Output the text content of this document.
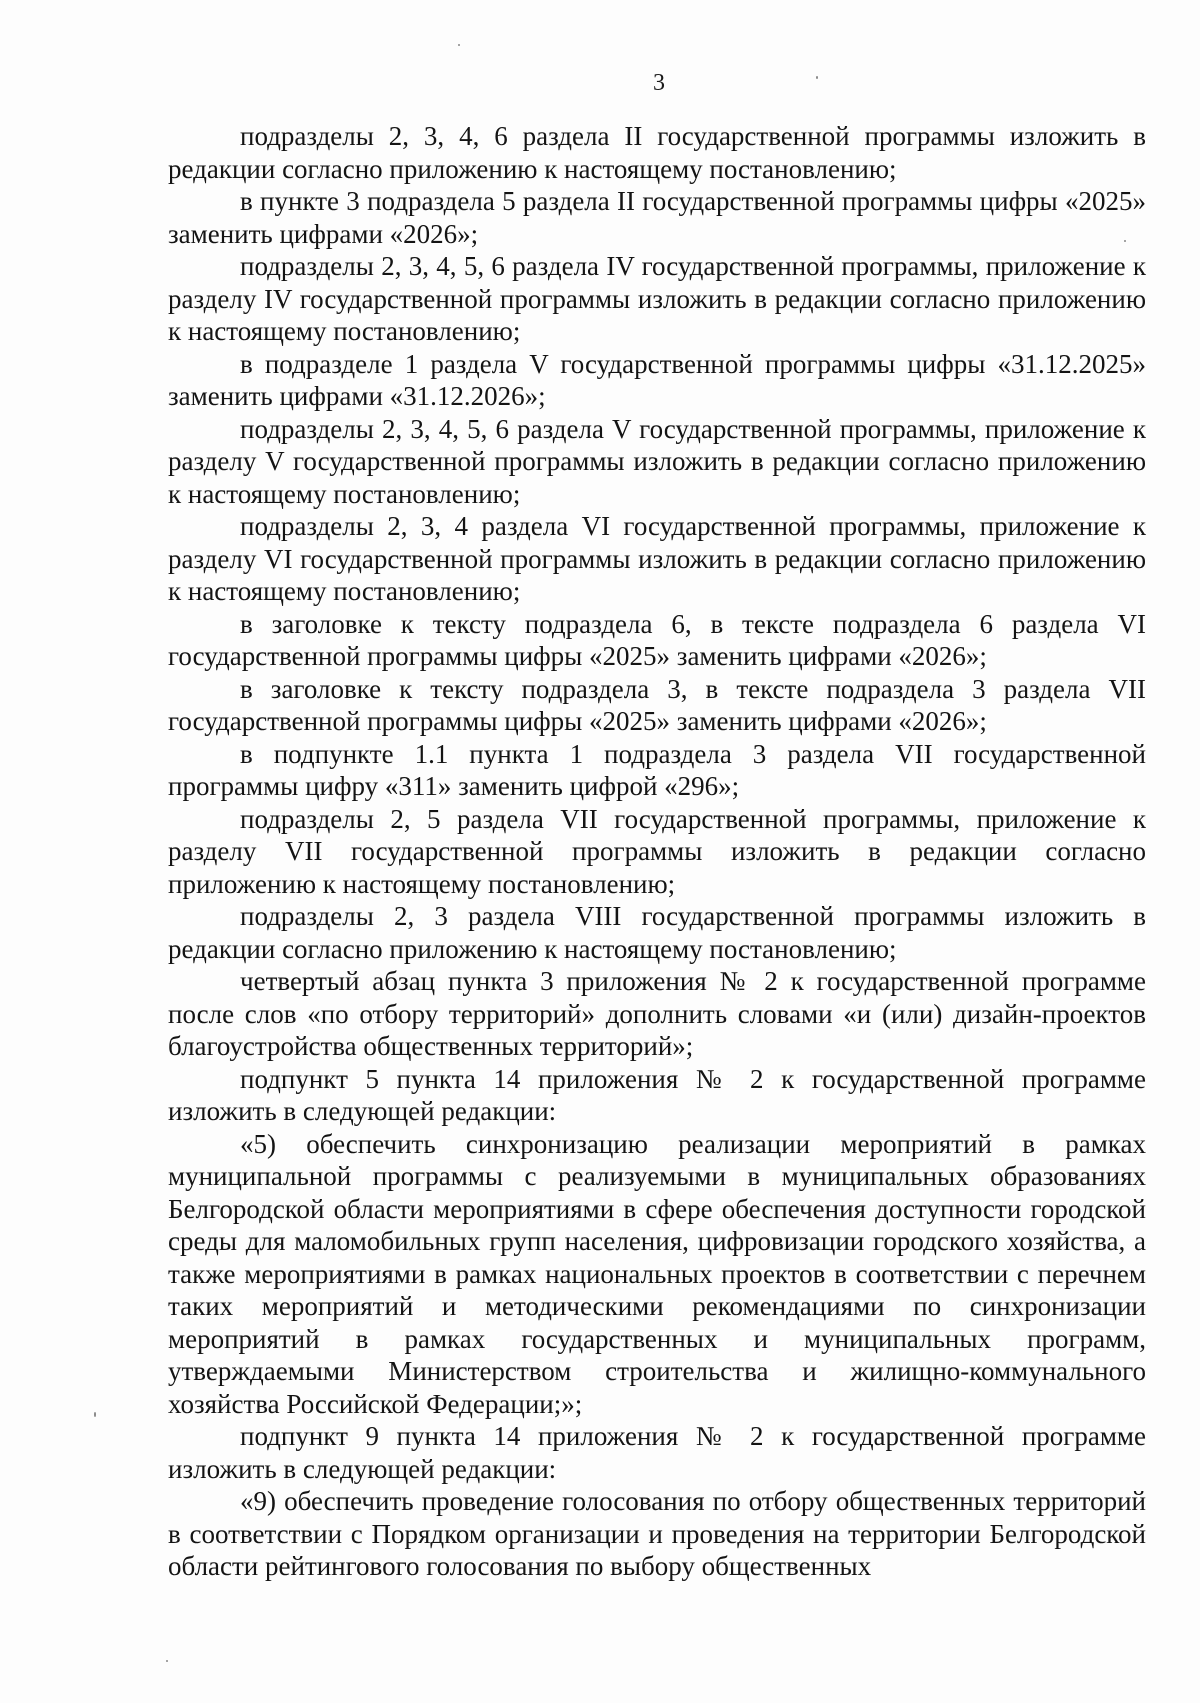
3

подразделы 2, 3, 4, 6 раздела II государственной программы изложить в редакции согласно приложению к настоящему постановлению;

в пункте 3 подраздела 5 раздела II государственной программы цифры «2025» заменить цифрами «2026»;

подразделы 2, 3, 4, 5, 6 раздела IV государственной программы, приложение к разделу IV государственной программы изложить в редакции согласно приложению к настоящему постановлению;

в подразделе 1 раздела V государственной программы цифры «31.12.2025» заменить цифрами «31.12.2026»;

подразделы 2, 3, 4, 5, 6 раздела V государственной программы, приложение к разделу V государственной программы изложить в редакции согласно приложению к настоящему постановлению;

подразделы 2, 3, 4 раздела VI государственной программы, приложение к разделу VI государственной программы изложить в редакции согласно приложению к настоящему постановлению;

в заголовке к тексту подраздела 6, в тексте подраздела 6 раздела VI государственной программы цифры «2025» заменить цифрами «2026»;

в заголовке к тексту подраздела 3, в тексте подраздела 3 раздела VII государственной программы цифры «2025» заменить цифрами «2026»;

в подпункте 1.1 пункта 1 подраздела 3 раздела VII государственной программы цифру «311» заменить цифрой «296»;

подразделы 2, 5 раздела VII государственной программы, приложение к разделу VII государственной программы изложить в редакции согласно приложению к настоящему постановлению;

подразделы 2, 3 раздела VIII государственной программы изложить в редакции согласно приложению к настоящему постановлению;

четвертый абзац пункта 3 приложения № 2 к государственной программе после слов «по отбору территорий» дополнить словами «и (или) дизайн-проектов благоустройства общественных территорий»;

подпункт 5 пункта 14 приложения № 2 к государственной программе изложить в следующей редакции:

«5) обеспечить синхронизацию реализации мероприятий в рамках муниципальной программы с реализуемыми в муниципальных образованиях Белгородской области мероприятиями в сфере обеспечения доступности городской среды для маломобильных групп населения, цифровизации городского хозяйства, а также мероприятиями в рамках национальных проектов в соответствии с перечнем таких мероприятий и методическими рекомендациями по синхронизации мероприятий в рамках государственных и муниципальных программ, утверждаемыми Министерством строительства и жилищно-коммунального хозяйства Российской Федерации;»;

подпункт 9 пункта 14 приложения № 2 к государственной программе изложить в следующей редакции:

«9) обеспечить проведение голосования по отбору общественных территорий в соответствии с Порядком организации и проведения на территории Белгородской области рейтингового голосования по выбору общественных
